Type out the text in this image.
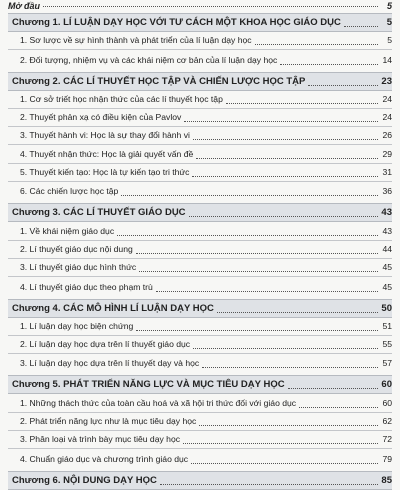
Mở đầu	5
Chương 1. LÍ LUẬN DẠY HỌC VỚI TƯ CÁCH MỘT KHOA HỌC GIÁO DỤC	5
1. Sơ lược về sự hình thành và phát triển của lí luận dạy học	5
2. Đối tượng, nhiệm vụ và các khái niệm cơ bản của lí luận dạy học	14
Chương 2. CÁC LÍ THUYẾT HỌC TẬP VÀ CHIẾN LƯỢC HỌC TẬP	23
1. Cơ sở triết học nhận thức của các lí thuyết học tập	24
2. Thuyết phản xạ có điều kiện của Pavlov	24
3. Thuyết hành vi: Học là sự thay đổi hành vi	26
4. Thuyết nhận thức: Học là giải quyết vấn đề	29
5. Thuyết kiến tạo: Học là tự kiến tạo tri thức	31
6. Các chiến lược học tập	36
Chương 3. CÁC LÍ THUYẾT GIÁO DỤC	43
1. Về khái niệm giáo dục	43
2. Lí thuyết giáo dục nội dung	44
3. Lí thuyết giáo dục hình thức	45
4. Lí thuyết giáo dục theo phạm trù	45
Chương 4. CÁC MÔ HÌNH LÍ LUẬN DẠY HỌC	50
1. Lí luận dạy học biện chứng	51
2. Lí luận dạy học dựa trên lí thuyết giáo dục	55
3. Lí luận dạy học dựa trên lí thuyết dạy và học	57
Chương 5. PHÁT TRIỂN NĂNG LỰC VÀ MỤC TIÊU DẠY HỌC	60
1. Những thách thức của toàn cầu hoá và xã hội tri thức đối với giáo dục	60
2. Phát triển năng lực như là mục tiêu dạy học	62
3. Phân loại và trình bày mục tiêu dạy học	72
4. Chuẩn giáo dục và chương trình giáo dục	79
Chương 6. NỘI DUNG DẠY HỌC	85
